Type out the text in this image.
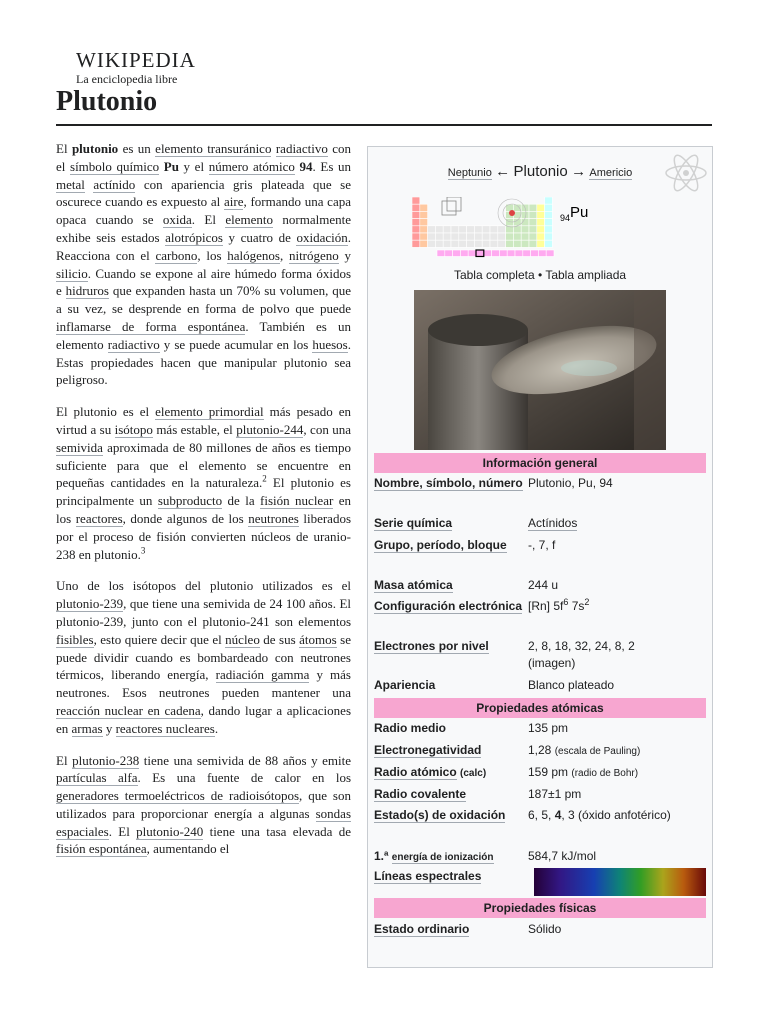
WIKIPEDIA
La enciclopedia libre
Plutonio

El plutonio es un elemento transuránico radiactivo con el símbolo químico Pu y el número atómico 94. Es un metal actínido con apariencia gris plateada que se oscurece cuando es expuesto al aire, formando una capa opaca cuando se oxida. El elemento normalmente exhibe seis estados alotrópicos y cuatro de oxidación. Reacciona con el carbono, los halógenos, nitrógeno y silicio. Cuando se expone al aire húmedo forma óxidos e hidruros que expanden hasta un 70% su volumen, que a su vez, se desprende en forma de polvo que puede inflamarse de forma espontánea. También es un elemento radiactivo y se puede acumular en los huesos. Estas propiedades hacen que manipular plutonio sea peligroso.

El plutonio es el elemento primordial más pesado en virtud a su isótopo más estable, el plutonio-244, con una semivida aproximada de 80 millones de años es tiempo suficiente para que el elemento se encuentre en pequeñas cantidades en la naturaleza.$^2$ El plutonio es principalmente un subproducto de la fisión nuclear en los reactores, donde algunos de los neutrones liberados por el proceso de fisión convierten núcleos de uranio-238 en plutonio.$^3$

Uno de los isótopos del plutonio utilizados es el plutonio-239, que tiene una semivida de 24 100 años. El plutonio-239, junto con el plutonio-241 son elementos fisibles, esto quiere decir que el núcleo de sus átomos se puede dividir cuando es bombardeado con neutrones térmicos, liberando energía, radiación gamma y más neutrones. Esos neutrones pueden mantener una reacción nuclear en cadena, dando lugar a aplicaciones en armas y reactores nucleares.

El plutonio-238 tiene una semivida de 88 años y emite partículas alfa. Es una fuente de calor en los generadores termoeléctricos de radioisótopos, que son utilizados para proporcionar energía a algunas sondas espaciales. El plutonio-240 tiene una tasa elevada de fisión espontánea, aumentando el

Neptunio ← Plutonio → Americio
94 Pu
Tabla completa • Tabla ampliada
Información general
Nombre, símbolo, número Plutonio, Pu, 94
Serie química	Actínidos
Grupo, período, bloque	-, 7, f
Masa atómica	244 u
Configuración electrónica [Rn] $5f^6$ $7s^2$
Electrones por nivel	2, 8, 18, 32, 24, 8, 2
(imagen)
Apariencia	Blanco plateado
Propiedades atómicas
Radio medio	135 pm
Electronegatividad	1,28 (escala de Pauling)
Radio atómico (calc)	159 pm (radio de Bohr)
Radio covalente	187±1 pm
Estado(s) de oxidación	6, 5, 4, 3 (óxido anfotérico)
1.ª energía de ionización	584,7 kJ/mol
Líneas espectrales
Propiedades físicas
Estado ordinario	Sólido
